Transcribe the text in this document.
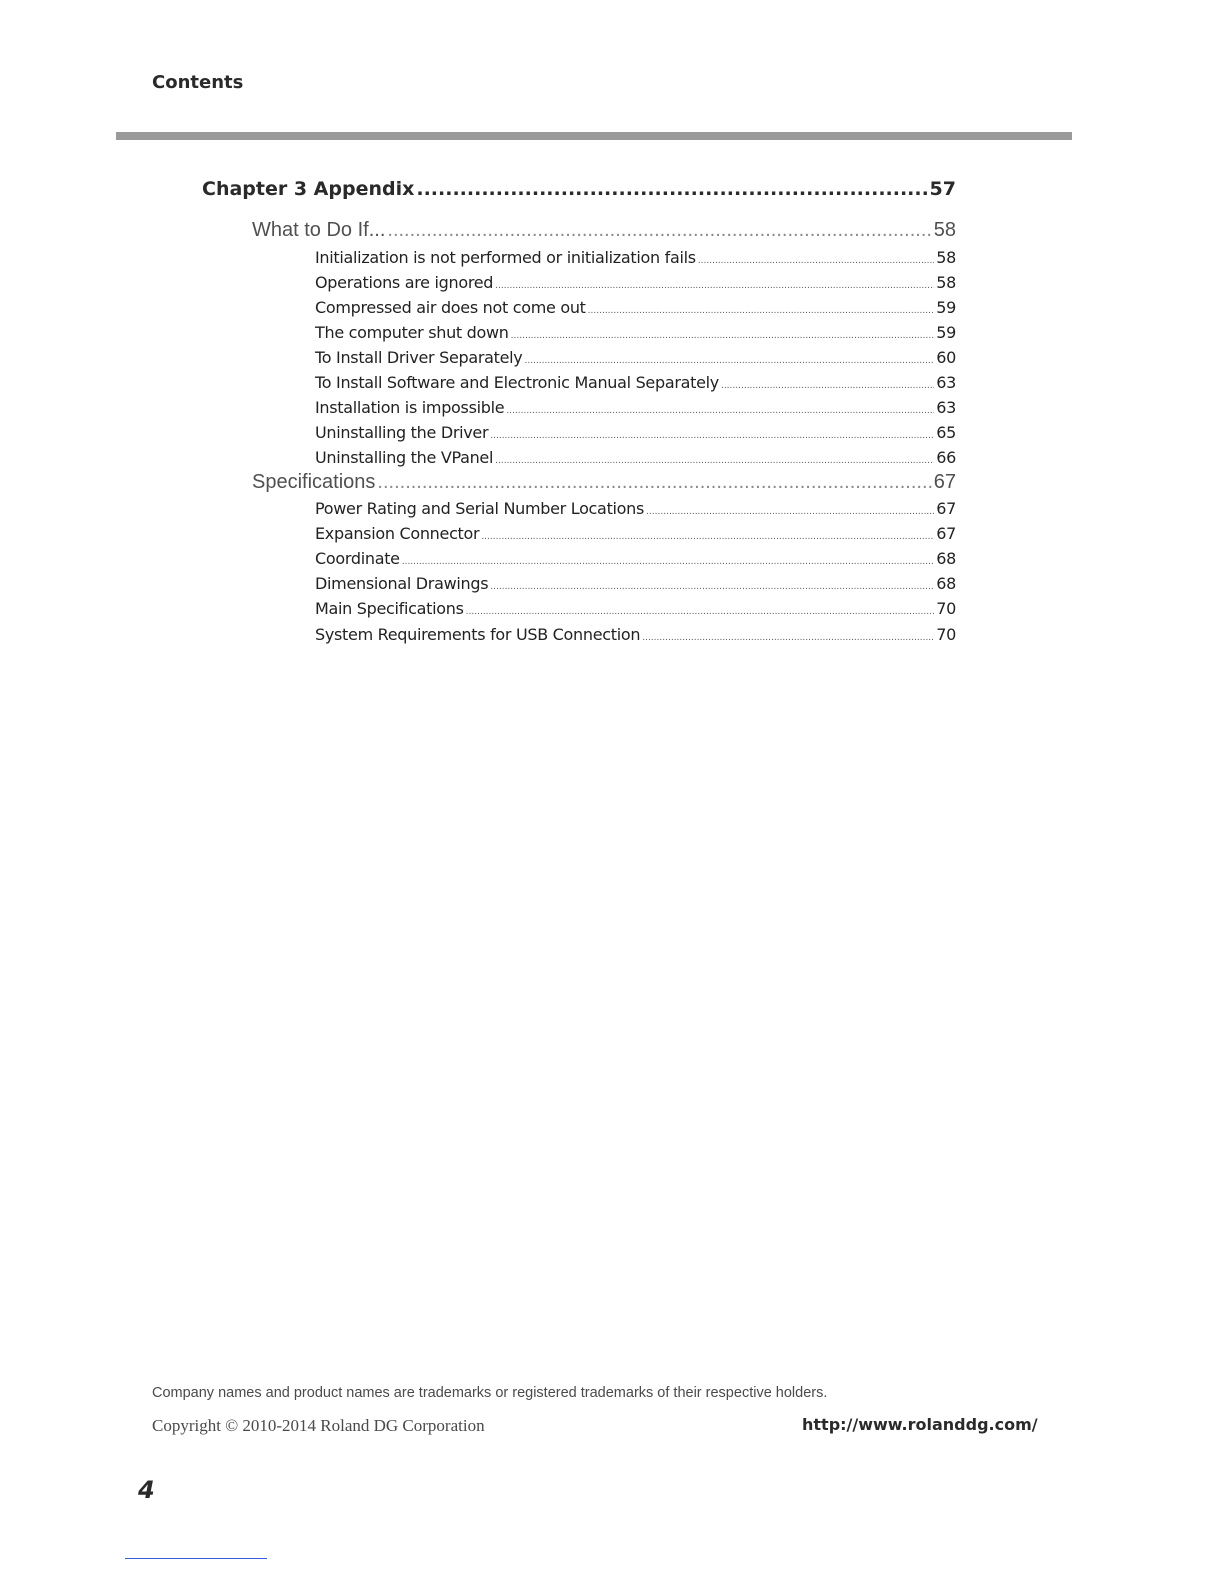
Contents
Chapter 3 Appendix .....	57
What to Do If... .....	58
Initialization is not performed or initialization fails .....	58
Operations are ignored .....	58
Compressed air does not come out .....	59
The computer shut down .....	59
To Install Driver Separately .....	60
To Install Software and Electronic Manual Separately .....	63
Installation is impossible .....	63
Uninstalling the Driver .....	65
Uninstalling the VPanel .....	66
Specifications .....	67
Power Rating and Serial Number Locations .....	67
Expansion Connector .....	67
Coordinate .....	68
Dimensional Drawings .....	68
Main Specifications .....	70
System Requirements for USB Connection .....	70
Company names and product names are trademarks or registered trademarks of their respective holders.
Copyright © 2010-2014 Roland DG Corporation	http://www.rolanddg.com/
4
